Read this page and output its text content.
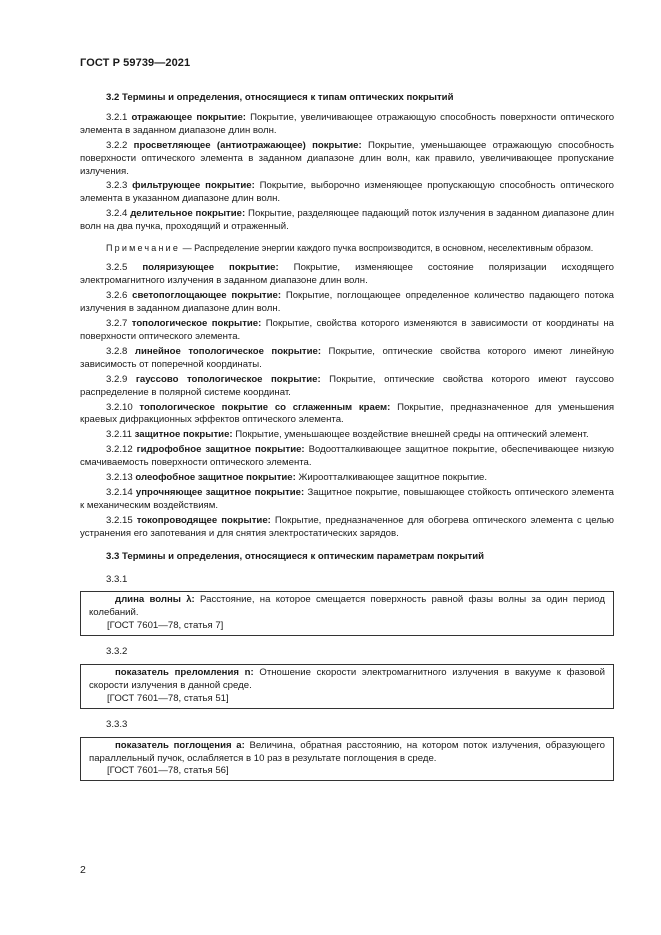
ГОСТ Р 59739—2021

3.2 Термины и определения, относящиеся к типам оптических покрытий

3.2.1 отражающее покрытие: Покрытие, увеличивающее отражающую способность поверхности оптического элемента в заданном диапазоне длин волн.

3.2.2 просветляющее (антиотражающее) покрытие: Покрытие, уменьшающее отражающую способность поверхности оптического элемента в заданном диапазоне длин волн, как правило, увеличивающее пропускание излучения.

3.2.3 фильтрующее покрытие: Покрытие, выборочно изменяющее пропускающую способность оптического элемента в указанном диапазоне длин волн.

3.2.4 делительное покрытие: Покрытие, разделяющее падающий поток излучения в заданном диапазоне длин волн на два пучка, проходящий и отраженный.

Примечание — Распределение энергии каждого пучка воспроизводится, в основном, неселективным образом.

3.2.5 поляризующее покрытие: Покрытие, изменяющее состояние поляризации исходящего электромагнитного излучения в заданном диапазоне длин волн.

3.2.6 светопоглощающее покрытие: Покрытие, поглощающее определенное количество падающего потока излучения в заданном диапазоне длин волн.

3.2.7 топологическое покрытие: Покрытие, свойства которого изменяются в зависимости от координаты на поверхности оптического элемента.

3.2.8 линейное топологическое покрытие: Покрытие, оптические свойства которого имеют линейную зависимость от поперечной координаты.

3.2.9 гауссово топологическое покрытие: Покрытие, оптические свойства которого имеют гауссово распределение в полярной системе координат.

3.2.10 топологическое покрытие со сглаженным краем: Покрытие, предназначенное для уменьшения краевых дифракционных эффектов оптического элемента.

3.2.11 защитное покрытие: Покрытие, уменьшающее воздействие внешней среды на оптический элемент.

3.2.12 гидрофобное защитное покрытие: Водоотталкивающее защитное покрытие, обеспечивающее низкую смачиваемость поверхности оптического элемента.

3.2.13 олеофобное защитное покрытие: Жироотталкивающее защитное покрытие.

3.2.14 упрочняющее защитное покрытие: Защитное покрытие, повышающее стойкость оптического элемента к механическим воздействиям.

3.2.15 токопроводящее покрытие: Покрытие, предназначенное для обогрева оптического элемента с целью устранения его запотевания и для снятия электростатических зарядов.

3.3 Термины и определения, относящиеся к оптическим параметрам покрытий

3.3.1

длина волны λ: Расстояние, на которое смещается поверхность равной фазы волны за один период колебаний.

[ГОСТ 7601—78, статья 7]

3.3.2

показатель преломления n: Отношение скорости электромагнитного излучения в вакууме к фазовой скорости излучения в данной среде.

[ГОСТ 7601—78, статья 51]

3.3.3

показатель поглощения a: Величина, обратная расстоянию, на котором поток излучения, образующего параллельный пучок, ослабляется в 10 раз в результате поглощения в среде.

[ГОСТ 7601—78, статья 56]

2
